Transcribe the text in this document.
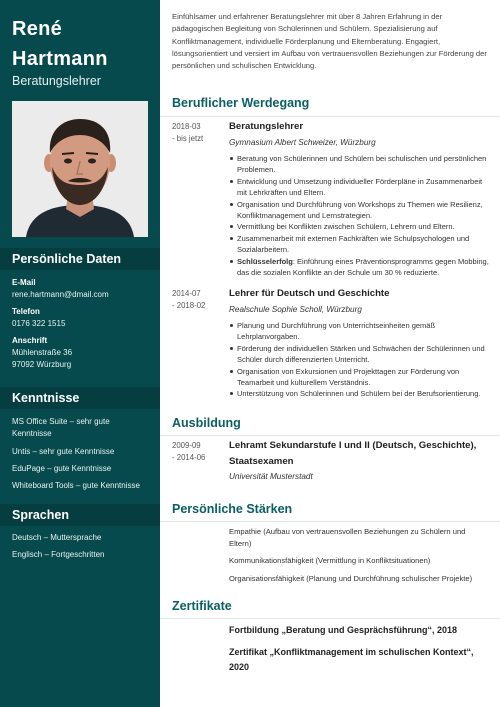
René
Hartmann
Beratungslehrer
Persönliche Daten
E-Mail
rene.hartmann@dmail.com
Telefon
0176 322 1515
Anschrift
Mühlenstraße 36
97092 Würzburg
Kenntnisse
MS Office Suite – sehr gute Kenntnisse
Untis – sehr gute Kenntnisse
EduPage – gute Kenntnisse
Whiteboard Tools – gute Kenntnisse
Sprachen
Deutsch – Muttersprache
Englisch – Fortgeschritten
Einfühlsamer und erfahrener Beratungslehrer mit über 8 Jahren Erfahrung in der pädagogischen Begleitung von Schülerinnen und Schülern. Spezialisierung auf Konfliktmanagement, individuelle Förderplanung und Elternberatung. Engagiert, lösungsorientiert und versiert im Aufbau von vertrauensvollen Beziehungen zur Förderung der persönlichen und schulischen Entwicklung.
Beruflicher Werdegang
2018-03
- bis jetzt
Beratungslehrer
Gymnasium Albert Schweizer, Würzburg
Beratung von Schülerinnen und Schülern bei schulischen und persönlichen Problemen.
Entwicklung und Umsetzung individueller Förderpläne in Zusammenarbeit mit Lehrkräften und Eltern.
Organisation und Durchführung von Workshops zu Themen wie Resilienz, Konfliktmanagement und Lernstrategien.
Vermittlung bei Konflikten zwischen Schülern, Lehrern und Eltern.
Zusammenarbeit mit externen Fachkräften wie Schulpsychologen und Sozialarbeitern.
Schlüsselerfolg: Einführung eines Präventionsprogramms gegen Mobbing, das die sozialen Konflikte an der Schule um 30 % reduzierte.
2014-07
- 2018-02
Lehrer für Deutsch und Geschichte
Realschule Sophie Scholl, Würzburg
Planung und Durchführung von Unterrichtseinheiten gemäß Lehrplanvorgaben.
Förderung der individuellen Stärken und Schwächen der Schülerinnen und Schüler durch differenzierten Unterricht.
Organisation von Exkursionen und Projekttagen zur Förderung von Teamarbeit und kulturellem Verständnis.
Unterstützung von Schülerinnen und Schülern bei der Berufsorientierung.
Ausbildung
2009-09
- 2014-06
Lehramt Sekundarstufe I und II (Deutsch, Geschichte), Staatsexamen
Universität Musterstadt
Persönliche Stärken
Empathie (Aufbau von vertrauensvollen Beziehungen zu Schülern und Eltern)
Kommunikationsfähigkeit (Vermittlung in Konfliktsituationen)
Organisationsfähigkeit (Planung und Durchführung schulischer Projekte)
Zertifikate
Fortbildung „Beratung und Gesprächsführung“, 2018
Zertifikat „Konfliktmanagement im schulischen Kontext“, 2020
